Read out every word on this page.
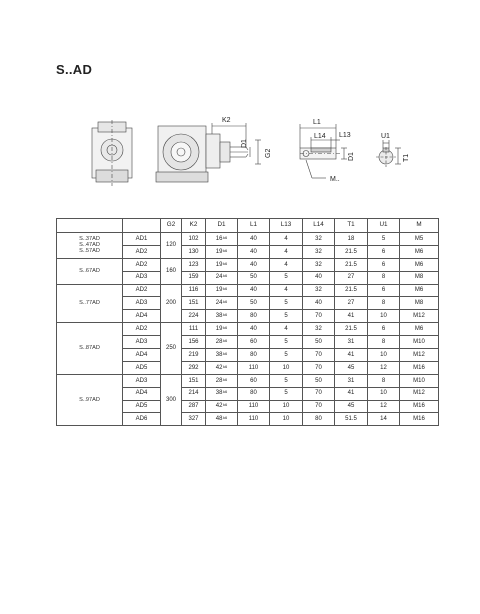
S..AD
K2
D1
G2
L1
L13
L14
D1
M..
U1
T1
		G2	K2	D1	L1	L13	L14	T1	U1	M

S..37AD
S..47AD
S..57AD	AD1	120	102	16k6	40	4	32	18	5	M5
	AD2		130	19k6	40	4	32	21.5	6	M6

S..67AD	AD2	160	123	19k6	40	4	32	21.5	6	M6
	AD3		159	24k6	50	5	40	27	8	M8

S..77AD	AD2	200	116	19k6	40	4	32	21.5	6	M6
	AD3		151	24k6	50	5	40	27	8	M8
	AD4		224	38k6	80	5	70	41	10	M12

S..87AD	AD2	250	111	19k6	40	4	32	21.5	6	M6
	AD3		156	28k6	60	5	50	31	8	M10
	AD4		219	38k6	80	5	70	41	10	M12
	AD5		292	42k6	110	10	70	45	12	M16

S..97AD	AD3	300	151	28k6	60	5	50	31	8	M10
	AD4		214	38k6	80	5	70	41	10	M12
	AD5		287	42k6	110	10	70	45	12	M16
	AD6		327	48k6	110	10	80	51.5	14	M16
